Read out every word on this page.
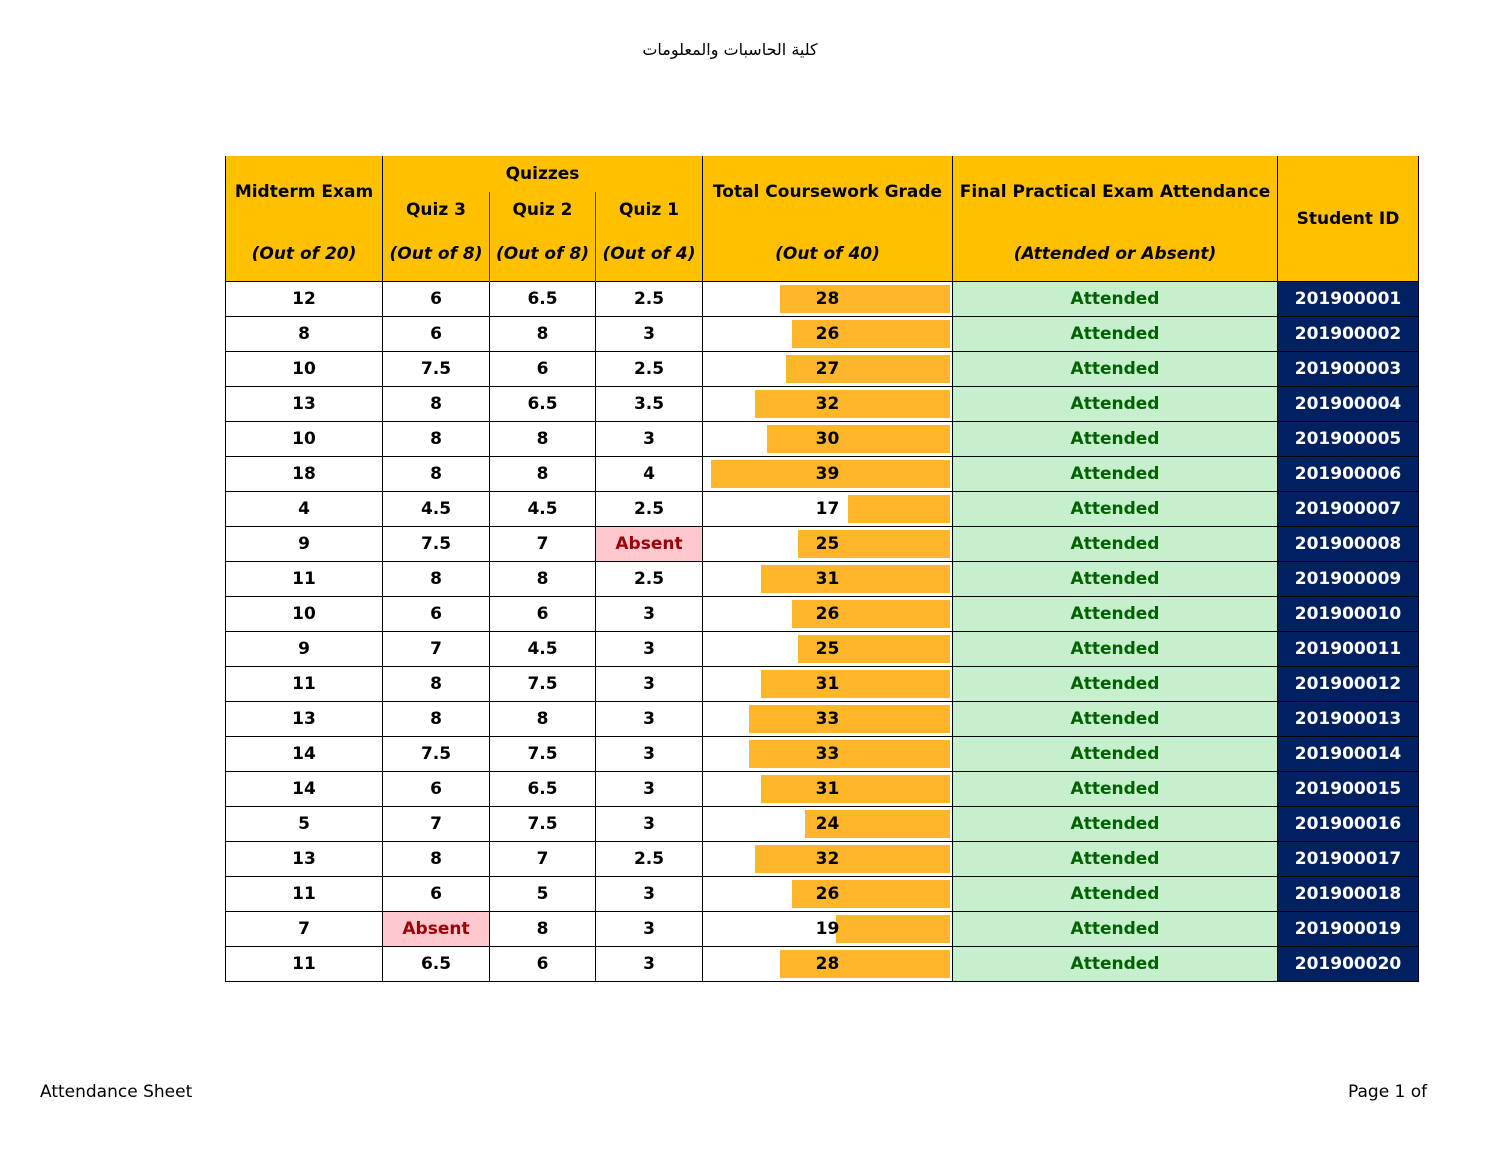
كلية الحاسبات والمعلومات
Midterm Exam	Quizzes			Total Coursework Grade	Final Practical Exam Attendance	Student ID
	Quiz 3	Quiz 2	Quiz 1			
(Out of 20)	(Out of 8)	(Out of 8)	(Out of 4)	(Out of 40)	(Attended or Absent)	
12	6	6.5	2.5	28	Attended	201900001
8	6	8	3	26	Attended	201900002
10	7.5	6	2.5	27	Attended	201900003
13	8	6.5	3.5	32	Attended	201900004
10	8	8	3	30	Attended	201900005
18	8	8	4	39	Attended	201900006
4	4.5	4.5	2.5	17	Attended	201900007
9	7.5	7	Absent	25	Attended	201900008
11	8	8	2.5	31	Attended	201900009
10	6	6	3	26	Attended	201900010
9	7	4.5	3	25	Attended	201900011
11	8	7.5	3	31	Attended	201900012
13	8	8	3	33	Attended	201900013
14	7.5	7.5	3	33	Attended	201900014
14	6	6.5	3	31	Attended	201900015
5	7	7.5	3	24	Attended	201900016
13	8	7	2.5	32	Attended	201900017
11	6	5	3	26	Attended	201900018
7	Absent	8	3	19	Attended	201900019
11	6.5	6	3	28	Attended	201900020
Attendance Sheet	Page 1 of
